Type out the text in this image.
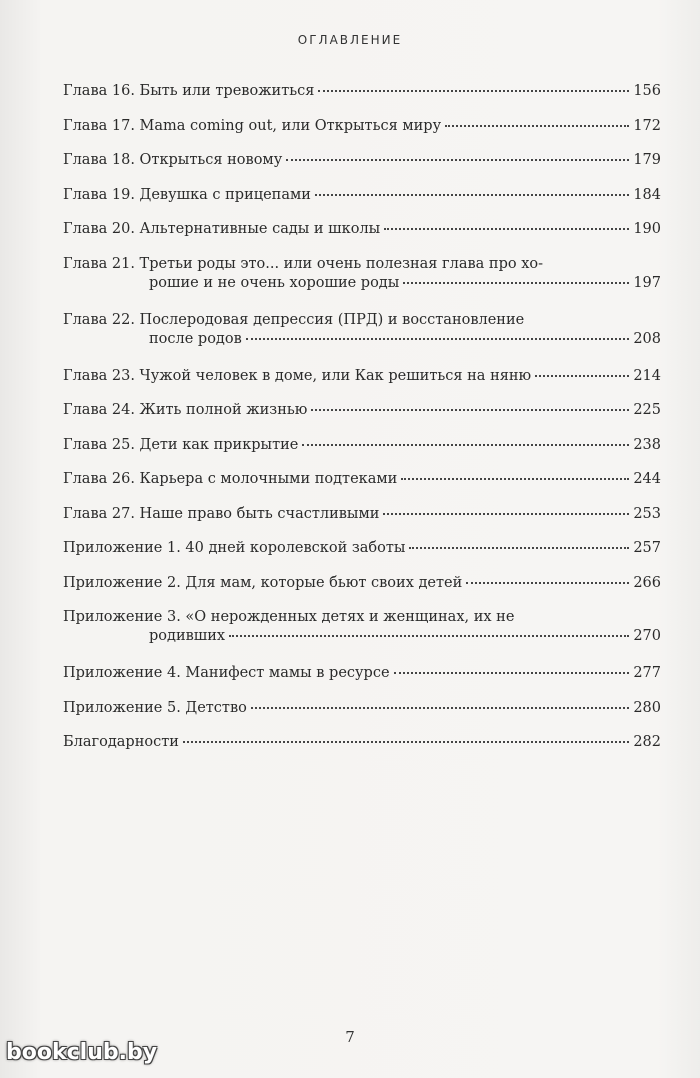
ОГЛАВЛЕНИЕ
Глава 16. Быть или тревожиться	156
Глава 17. Mama coming out, или Открыться миру	172
Глава 18. Открыться новому	179
Глава 19. Девушка с прицепами	184
Глава 20. Альтернативные сады и школы	190
Глава 21. Третьи роды это... или очень полезная глава про хо-
рошие и не очень хорошие роды	197
Глава 22. Послеродовая депрессия (ПРД) и восстановление
после родов	208
Глава 23. Чужой человек в доме, или Как решиться на няню	214
Глава 24. Жить полной жизнью	225
Глава 25. Дети как прикрытие	238
Глава 26. Карьера с молочными подтеками	244
Глава 27. Наше право быть счастливыми	253
Приложение 1. 40 дней королевской заботы	257
Приложение 2. Для мам, которые бьют своих детей	266
Приложение 3. «О нерожденных детях и женщинах, их не
родивших	270
Приложение 4. Манифест мамы в ресурсе	277
Приложение 5. Детство	280
Благодарности	282
7
bookclub.by
